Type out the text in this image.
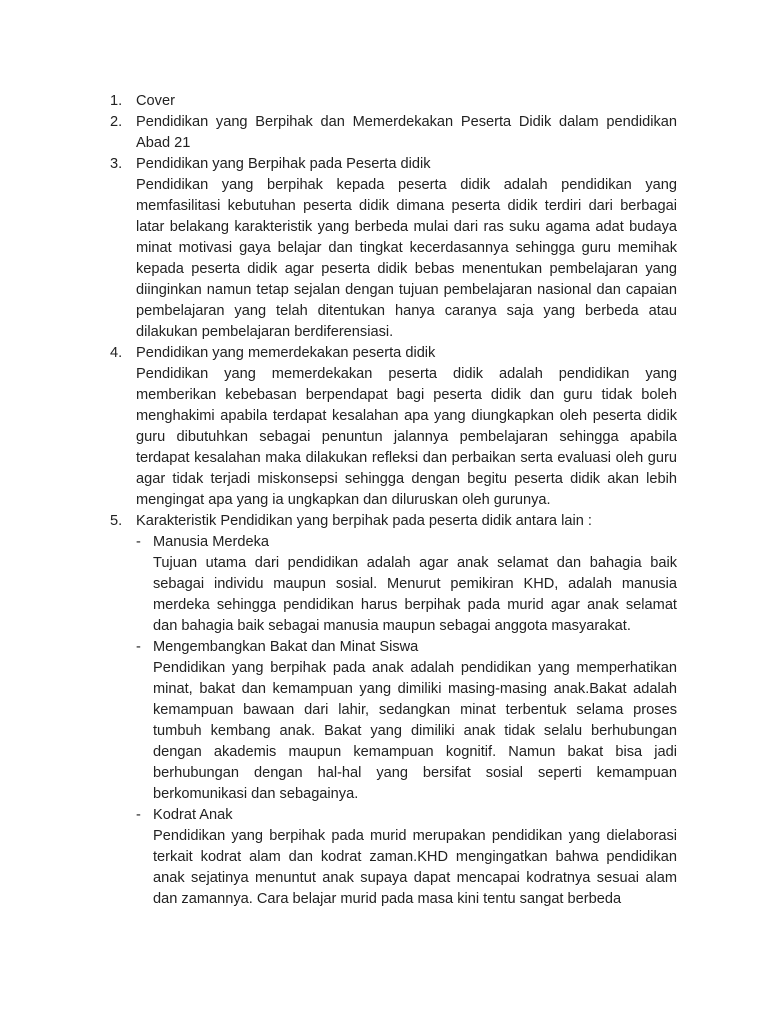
1. Cover
2. Pendidikan yang Berpihak dan Memerdekakan Peserta Didik dalam pendidikan Abad 21
3. Pendidikan yang Berpihak pada Peserta didik
Pendidikan yang berpihak kepada peserta didik adalah pendidikan yang memfasilitasi kebutuhan peserta didik dimana peserta didik terdiri dari berbagai latar belakang karakteristik yang berbeda mulai dari ras suku agama adat budaya minat motivasi gaya belajar dan tingkat kecerdasannya sehingga guru memihak kepada peserta didik agar peserta didik bebas menentukan pembelajaran yang diinginkan namun tetap sejalan dengan tujuan pembelajaran nasional dan capaian pembelajaran yang telah ditentukan hanya caranya saja yang berbeda atau dilakukan pembelajaran berdiferensiasi.
4. Pendidikan yang memerdekakan peserta didik
Pendidikan yang memerdekakan peserta didik adalah pendidikan yang memberikan kebebasan berpendapat bagi peserta didik dan guru tidak boleh menghakimi apabila terdapat kesalahan apa yang diungkapkan oleh peserta didik guru dibutuhkan sebagai penuntun jalannya pembelajaran sehingga apabila terdapat kesalahan maka dilakukan refleksi dan perbaikan serta evaluasi oleh guru agar tidak terjadi miskonsepsi sehingga dengan begitu peserta didik akan lebih mengingat apa yang ia ungkapkan dan diluruskan oleh gurunya.
5. Karakteristik Pendidikan yang berpihak pada peserta didik antara lain :
- Manusia Merdeka
Tujuan utama dari pendidikan adalah agar anak selamat dan bahagia baik sebagai individu maupun sosial. Menurut pemikiran KHD, adalah manusia merdeka sehingga pendidikan harus berpihak pada murid agar anak selamat dan bahagia baik sebagai manusia maupun sebagai anggota masyarakat.
- Mengembangkan Bakat dan Minat Siswa
Pendidikan yang berpihak pada anak adalah pendidikan yang memperhatikan minat, bakat dan kemampuan yang dimiliki masing-masing anak.Bakat adalah kemampuan bawaan dari lahir, sedangkan minat terbentuk selama proses tumbuh kembang anak. Bakat yang dimiliki anak tidak selalu berhubungan dengan akademis maupun kemampuan kognitif. Namun bakat bisa jadi berhubungan dengan hal-hal yang bersifat sosial seperti kemampuan berkomunikasi dan sebagainya.
- Kodrat Anak
Pendidikan yang berpihak pada murid merupakan pendidikan yang dielaborasi terkait kodrat alam dan kodrat zaman.KHD mengingatkan bahwa pendidikan anak sejatinya menuntut anak supaya dapat mencapai kodratnya sesuai alam dan zamannya. Cara belajar murid pada masa kini tentu sangat berbeda
